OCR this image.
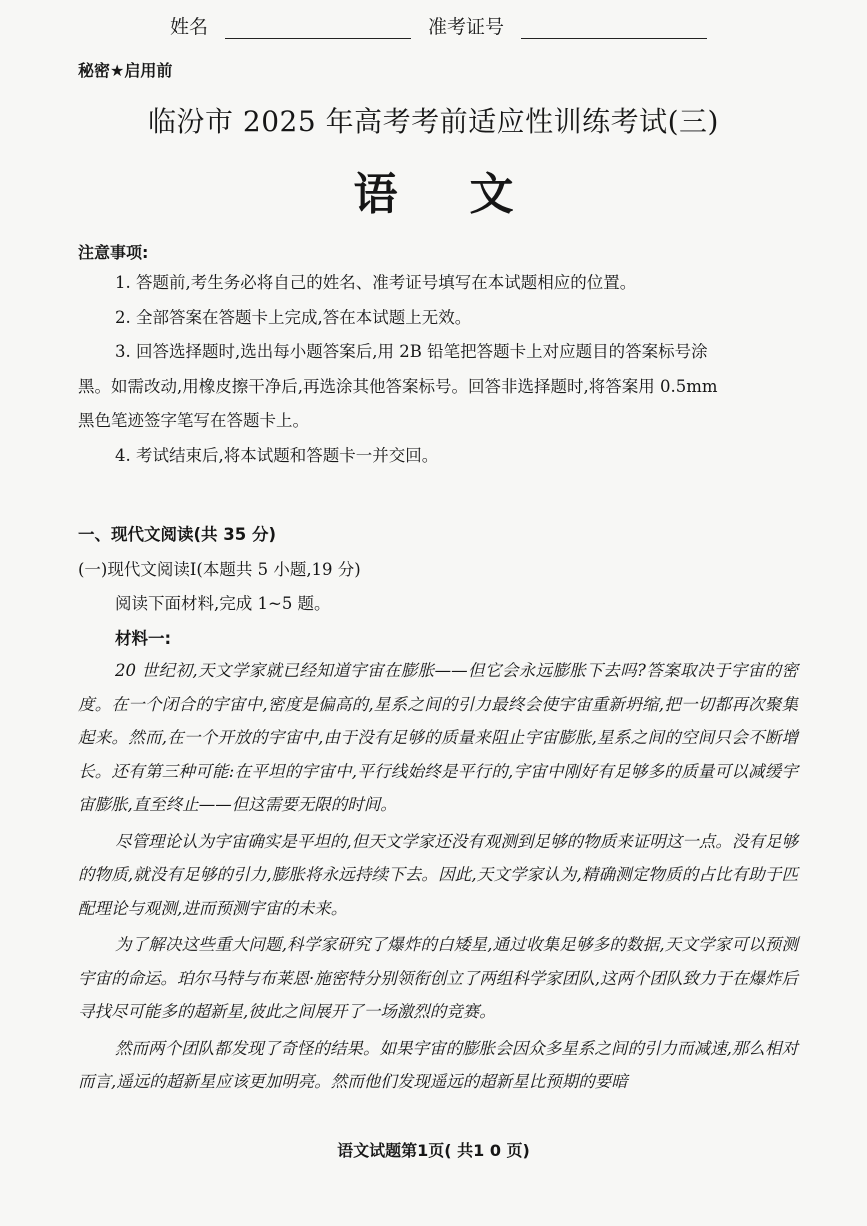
姓名	准考证号
秘密★启用前
临汾市 2025 年高考考前适应性训练考试(三)
语文
注意事项:

1. 答题前,考生务必将自己的姓名、准考证号填写在本试题相应的位置。

2. 全部答案在答题卡上完成,答在本试题上无效。

3. 回答选择题时,选出每小题答案后,用 2B 铅笔把答题卡上对应题目的答案标号涂

黑。如需改动,用橡皮擦干净后,再选涂其他答案标号。回答非选择题时,将答案用 0.5mm

黑色笔迹签字笔写在答题卡上。

4. 考试结束后,将本试题和答题卡一并交回。

一、现代文阅读(共 35 分)

(一)现代文阅读Ⅰ(本题共 5 小题,19 分)

阅读下面材料,完成 1~5 题。

材料一:

20 世纪初,天文学家就已经知道宇宙在膨胀——但它会永远膨胀下去吗?答案取决于宇宙的密度。在一个闭合的宇宙中,密度是偏高的,星系之间的引力最终会使宇宙重新坍缩,把一切都再次聚集起来。然而,在一个开放的宇宙中,由于没有足够的质量来阻止宇宙膨胀,星系之间的空间只会不断增长。还有第三种可能:在平坦的宇宙中,平行线始终是平行的,宇宙中刚好有足够多的质量可以减缓宇宙膨胀,直至终止——但这需要无限的时间。

尽管理论认为宇宙确实是平坦的,但天文学家还没有观测到足够的物质来证明这一点。没有足够的物质,就没有足够的引力,膨胀将永远持续下去。因此,天文学家认为,精确测定物质的占比有助于匹配理论与观测,进而预测宇宙的未来。

为了解决这些重大问题,科学家研究了爆炸的白矮星,通过收集足够多的数据,天文学家可以预测宇宙的命运。珀尔马特与布莱恩·施密特分别领衔创立了两组科学家团队,这两个团队致力于在爆炸后寻找尽可能多的超新星,彼此之间展开了一场激烈的竞赛。

然而两个团队都发现了奇怪的结果。如果宇宙的膨胀会因众多星系之间的引力而减速,那么相对而言,遥远的超新星应该更加明亮。然而他们发现遥远的超新星比预期的要暗

语文试题第1页( 共1 0 页)
